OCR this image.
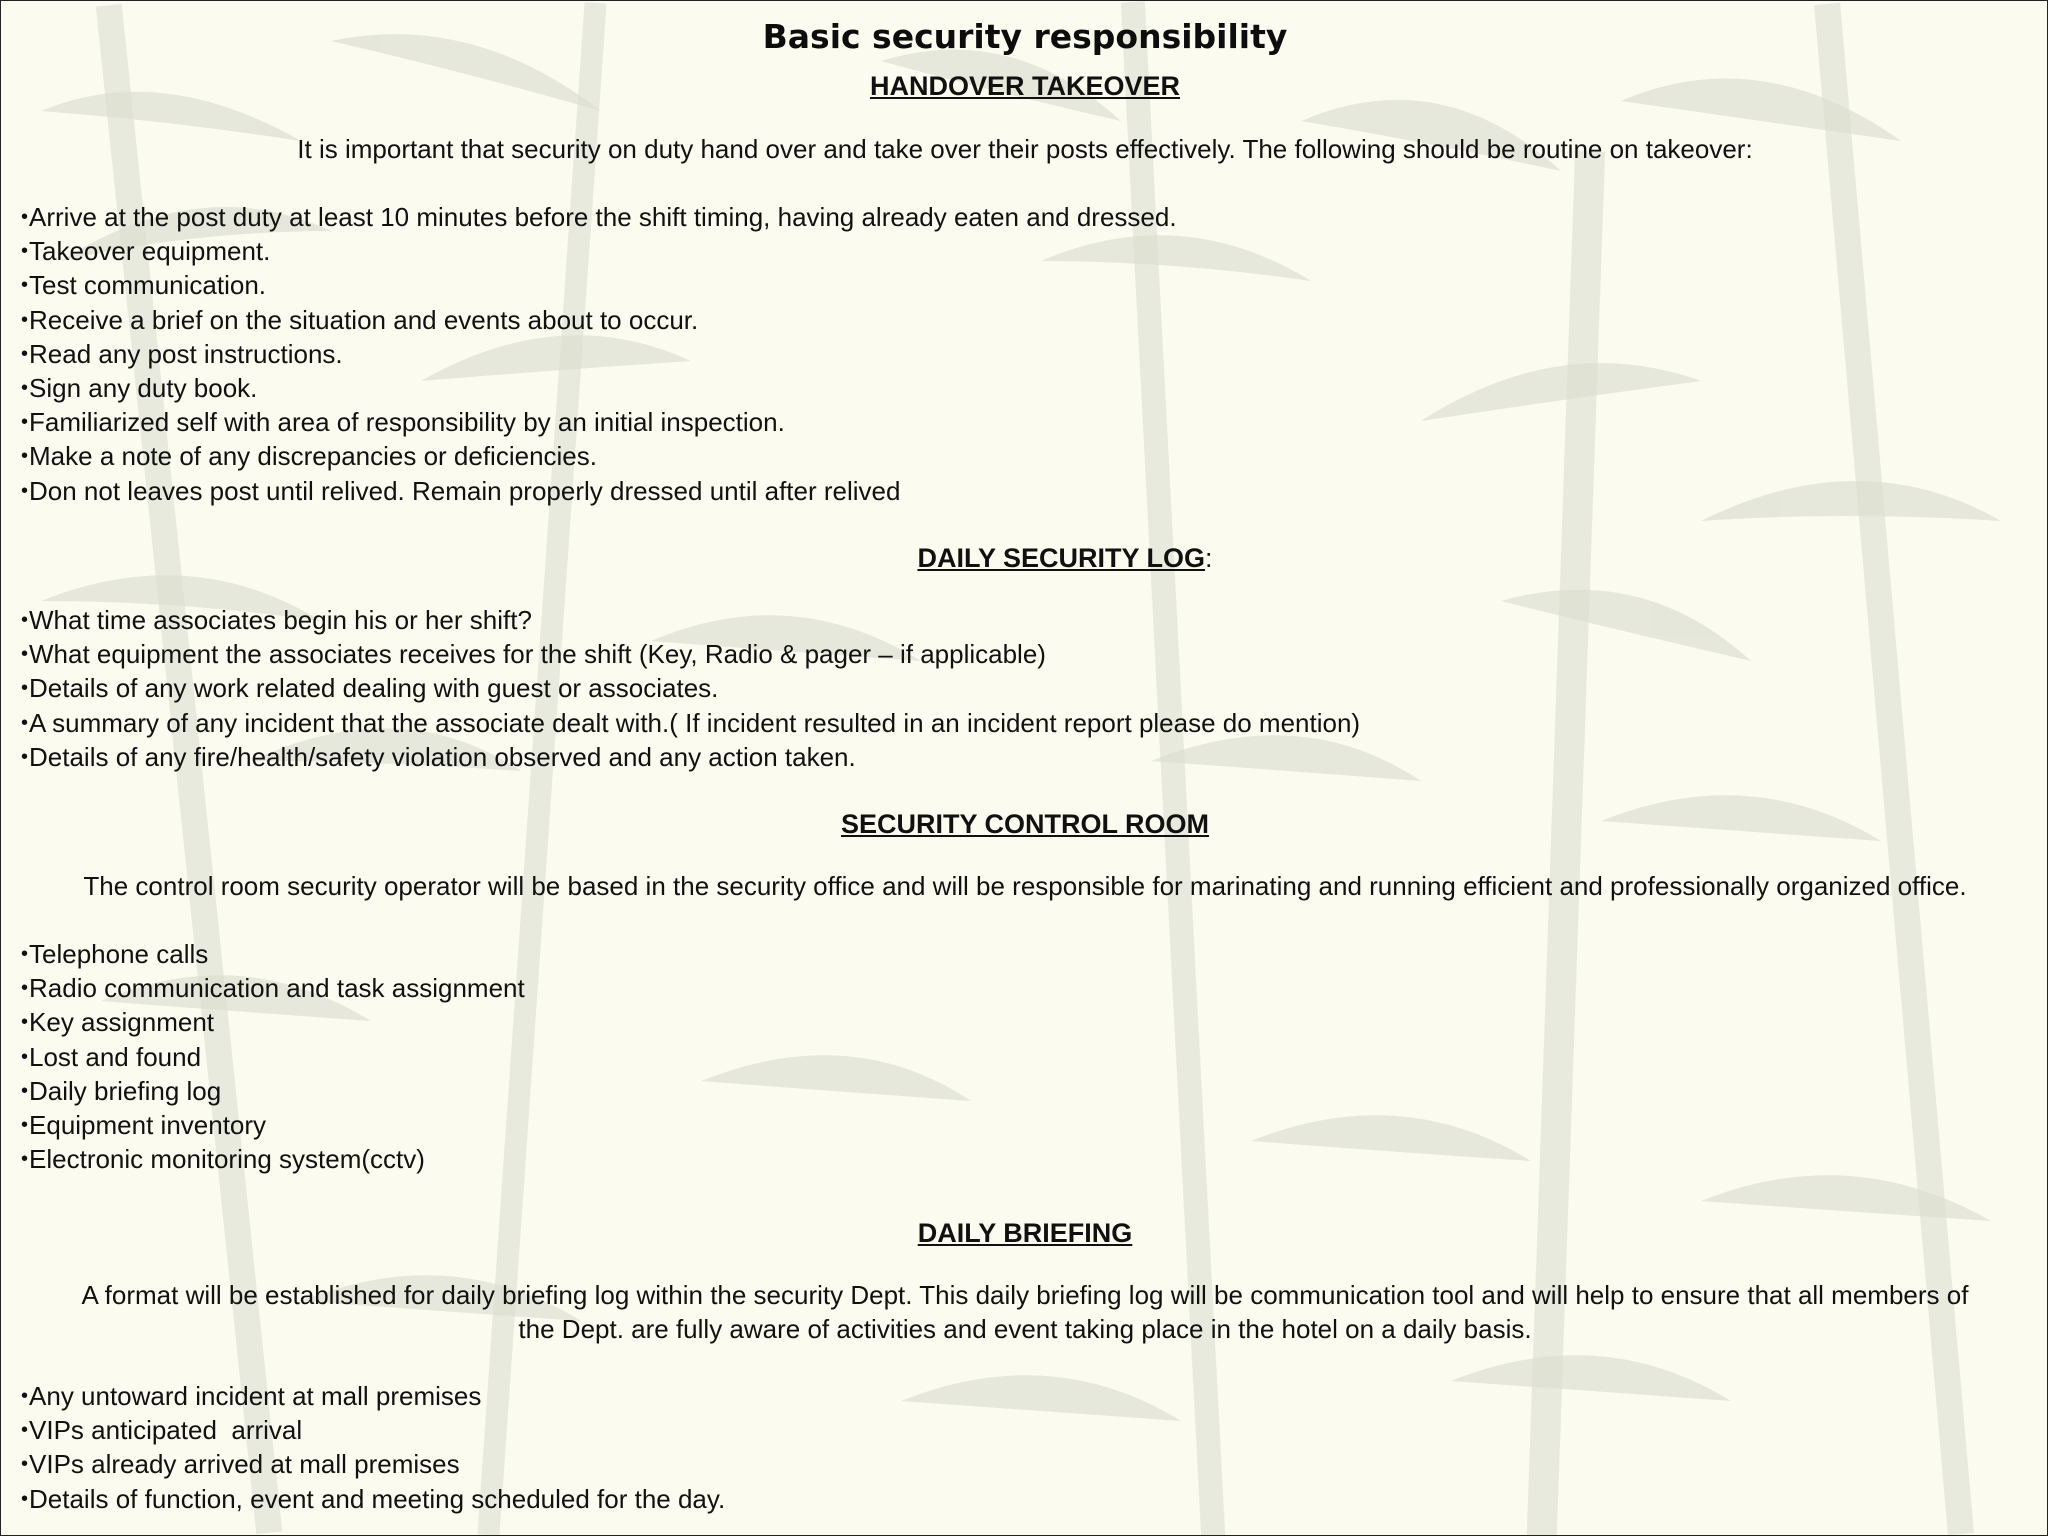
Basic security responsibility
HANDOVER TAKEOVER
It is important that security on duty hand over and take over their posts effectively. The following should be routine on takeover:
• Arrive at the post duty at least 10 minutes before the shift timing, having already eaten and dressed.
• Takeover equipment.
• Test communication.
• Receive a brief on the situation and events about to occur.
• Read any post instructions.
• Sign any duty book.
• Familiarized self with area of responsibility by an initial inspection.
• Make a note of any discrepancies or deficiencies.
• Don not leaves post until relived. Remain properly dressed until after relived
DAILY SECURITY LOG:
• What time associates begin his or her shift?
• What equipment the associates receives for the shift (Key, Radio & pager – if applicable)
• Details of any work related dealing with guest or associates.
• A summary of any incident that the associate dealt with.( If incident resulted in an incident report please do mention)
• Details of any fire/health/safety violation observed and any action taken.
SECURITY CONTROL ROOM
The control room security operator will be based in the security office and will be responsible for marinating and running efficient and professionally organized office.
• Telephone calls
• Radio communication and task assignment
• Key assignment
• Lost and found
• Daily briefing log
• Equipment inventory
• Electronic monitoring system(cctv)
DAILY BRIEFING
A format will be established for daily briefing log within the security Dept. This daily briefing log will be communication tool and will help to ensure that all members of the Dept. are fully aware of activities and event taking place in the hotel on a daily basis.
• Any untoward incident at mall premises
• VIPs anticipated  arrival
• VIPs already arrived at mall premises
• Details of function, event and meeting scheduled for the day.
